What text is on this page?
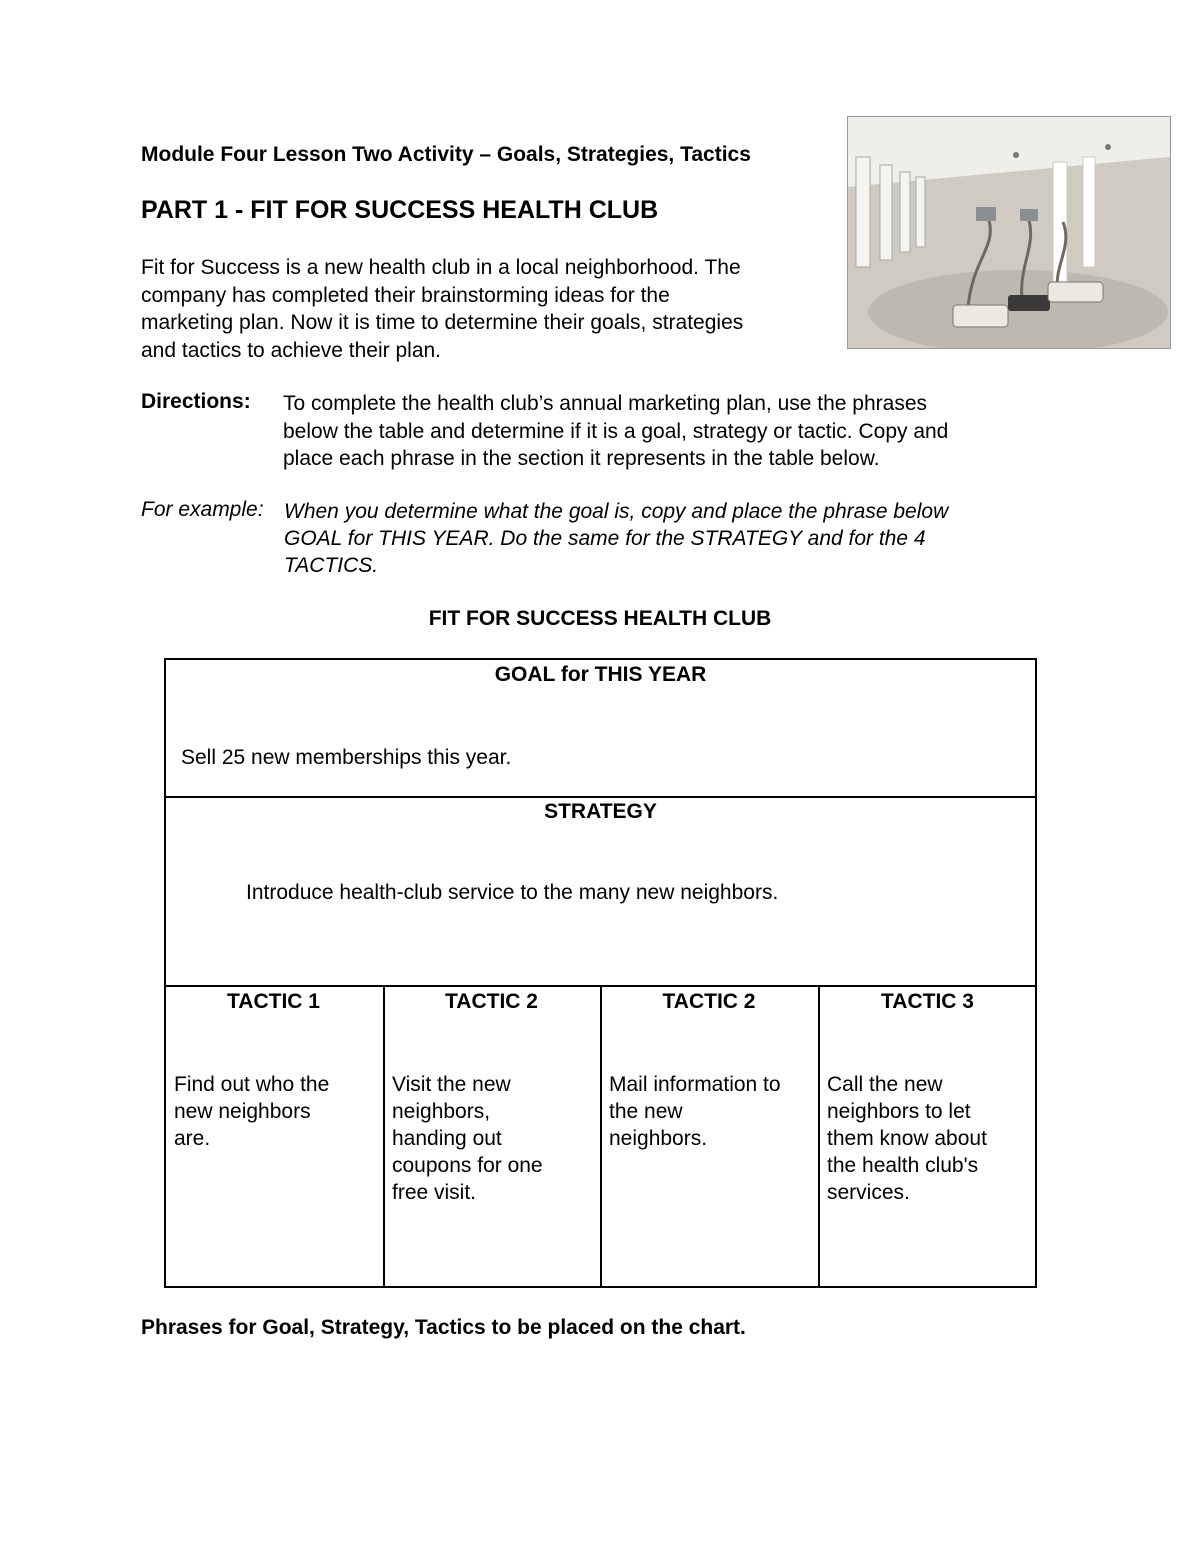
Module Four Lesson Two Activity – Goals, Strategies, Tactics
PART 1 - FIT FOR SUCCESS HEALTH CLUB
Fit for Success is a new health club in a local neighborhood. The
company has completed their brainstorming ideas for the
marketing plan. Now it is time to determine their goals, strategies
and tactics to achieve their plan.
Directions: To complete the health club’s annual marketing plan, use the phrases
below the table and determine if it is a goal, strategy or tactic. Copy and
place each phrase in the section it represents in the table below.
For example: When you determine what the goal is, copy and place the phrase below
GOAL for THIS YEAR. Do the same for the STRATEGY and for the 4
TACTICS.
FIT FOR SUCCESS HEALTH CLUB
GOAL for THIS YEAR
Sell 25 new memberships this year.
STRATEGY
Introduce health-club service to the many new neighbors.
TACTIC 1
Find out who the
new neighbors
are.
TACTIC 2
Visit the new
neighbors,
handing out
coupons for one
free visit.
TACTIC 2
Mail information to
the new
neighbors.
TACTIC 3
Call the new
neighbors to let
them know about
the health club's
services.
Phrases for Goal, Strategy, Tactics to be placed on the chart.
